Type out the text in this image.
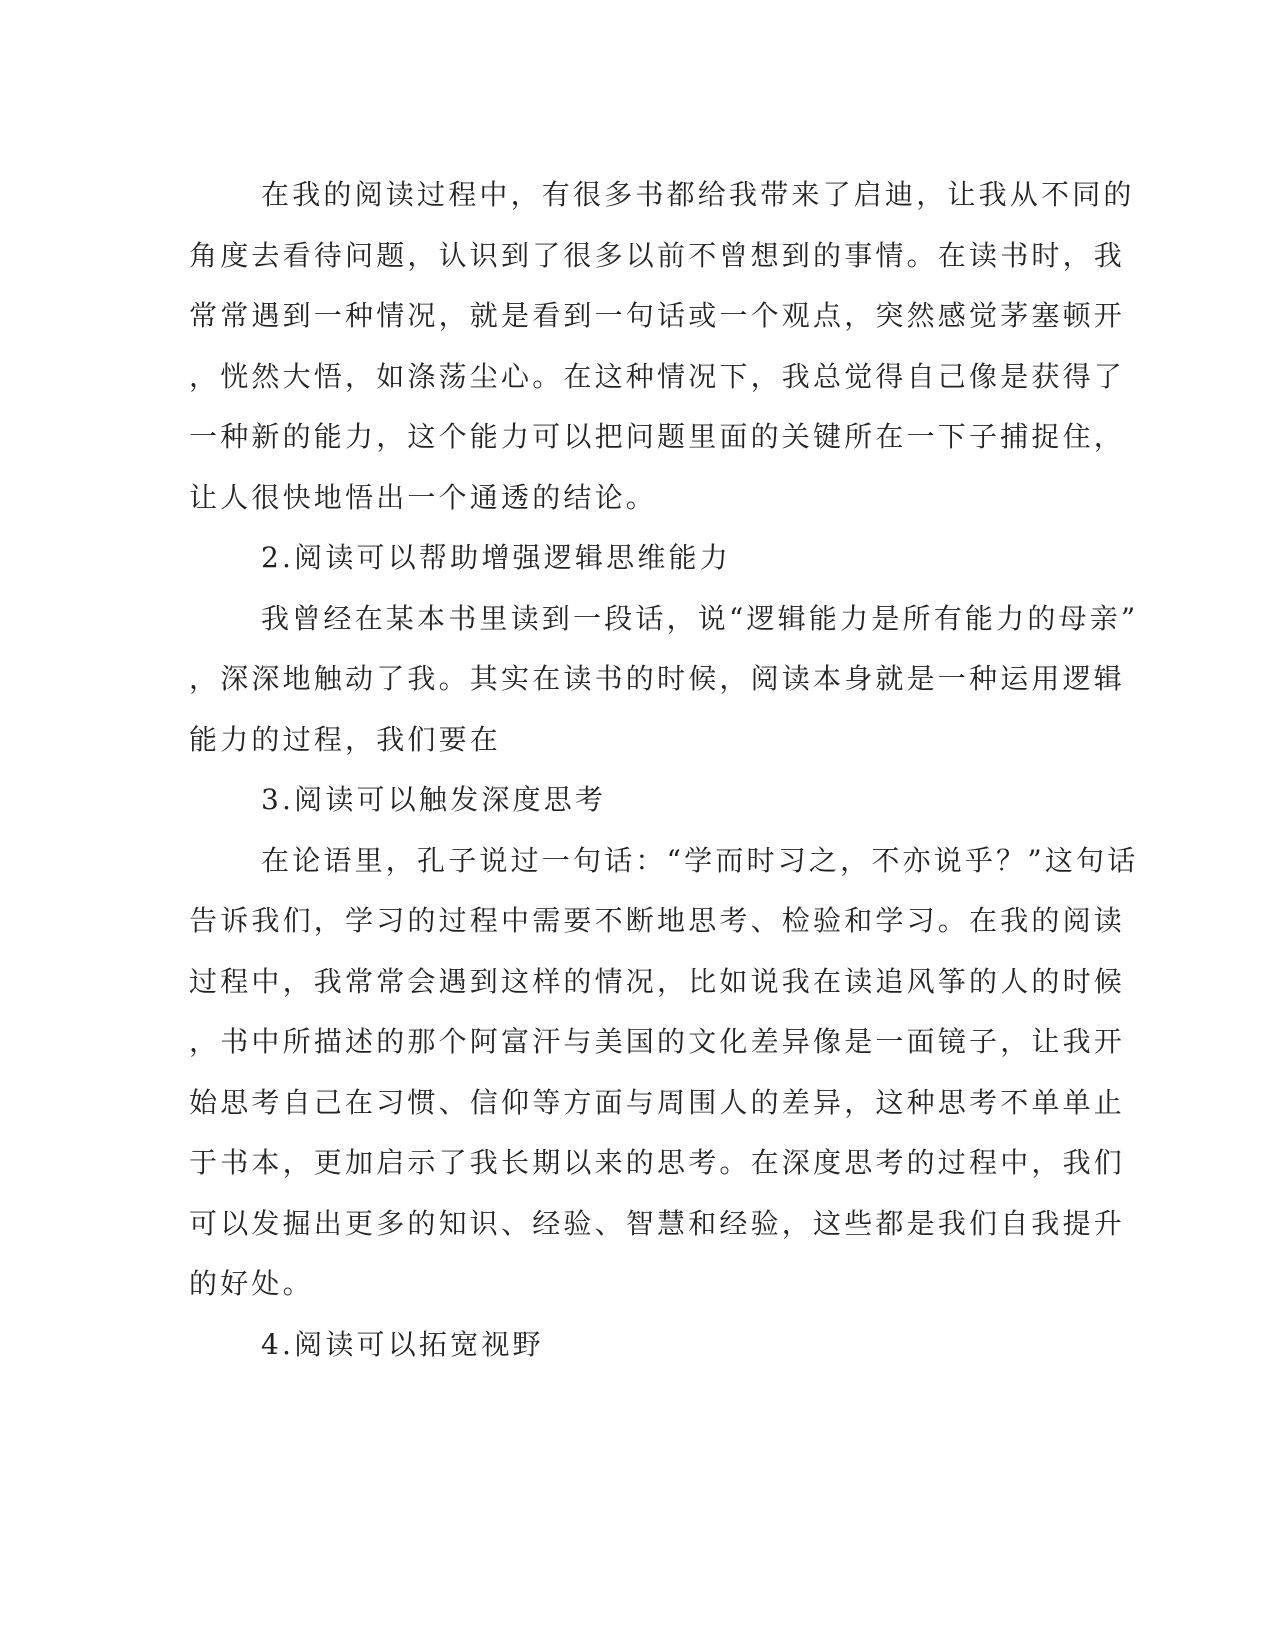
在我的阅读过程中，有很多书都给我带来了启迪，让我从不同的
角度去看待问题，认识到了很多以前不曾想到的事情。在读书时，我
常常遇到一种情况，就是看到一句话或一个观点，突然感觉茅塞顿开
，恍然大悟，如涤荡尘心。在这种情况下，我总觉得自己像是获得了
一种新的能力，这个能力可以把问题里面的关键所在一下子捕捉住，
让人很快地悟出一个通透的结论。
2.阅读可以帮助增强逻辑思维能力
我曾经在某本书里读到一段话，说“逻辑能力是所有能力的母亲”
，深深地触动了我。其实在读书的时候，阅读本身就是一种运用逻辑
能力的过程，我们要在
3.阅读可以触发深度思考
在论语里，孔子说过一句话：“学而时习之，不亦说乎？”这句话
告诉我们，学习的过程中需要不断地思考、检验和学习。在我的阅读
过程中，我常常会遇到这样的情况，比如说我在读追风筝的人的时候
，书中所描述的那个阿富汗与美国的文化差异像是一面镜子，让我开
始思考自己在习惯、信仰等方面与周围人的差异，这种思考不单单止
于书本，更加启示了我长期以来的思考。在深度思考的过程中，我们
可以发掘出更多的知识、经验、智慧和经验，这些都是我们自我提升
的好处。
4.阅读可以拓宽视野
